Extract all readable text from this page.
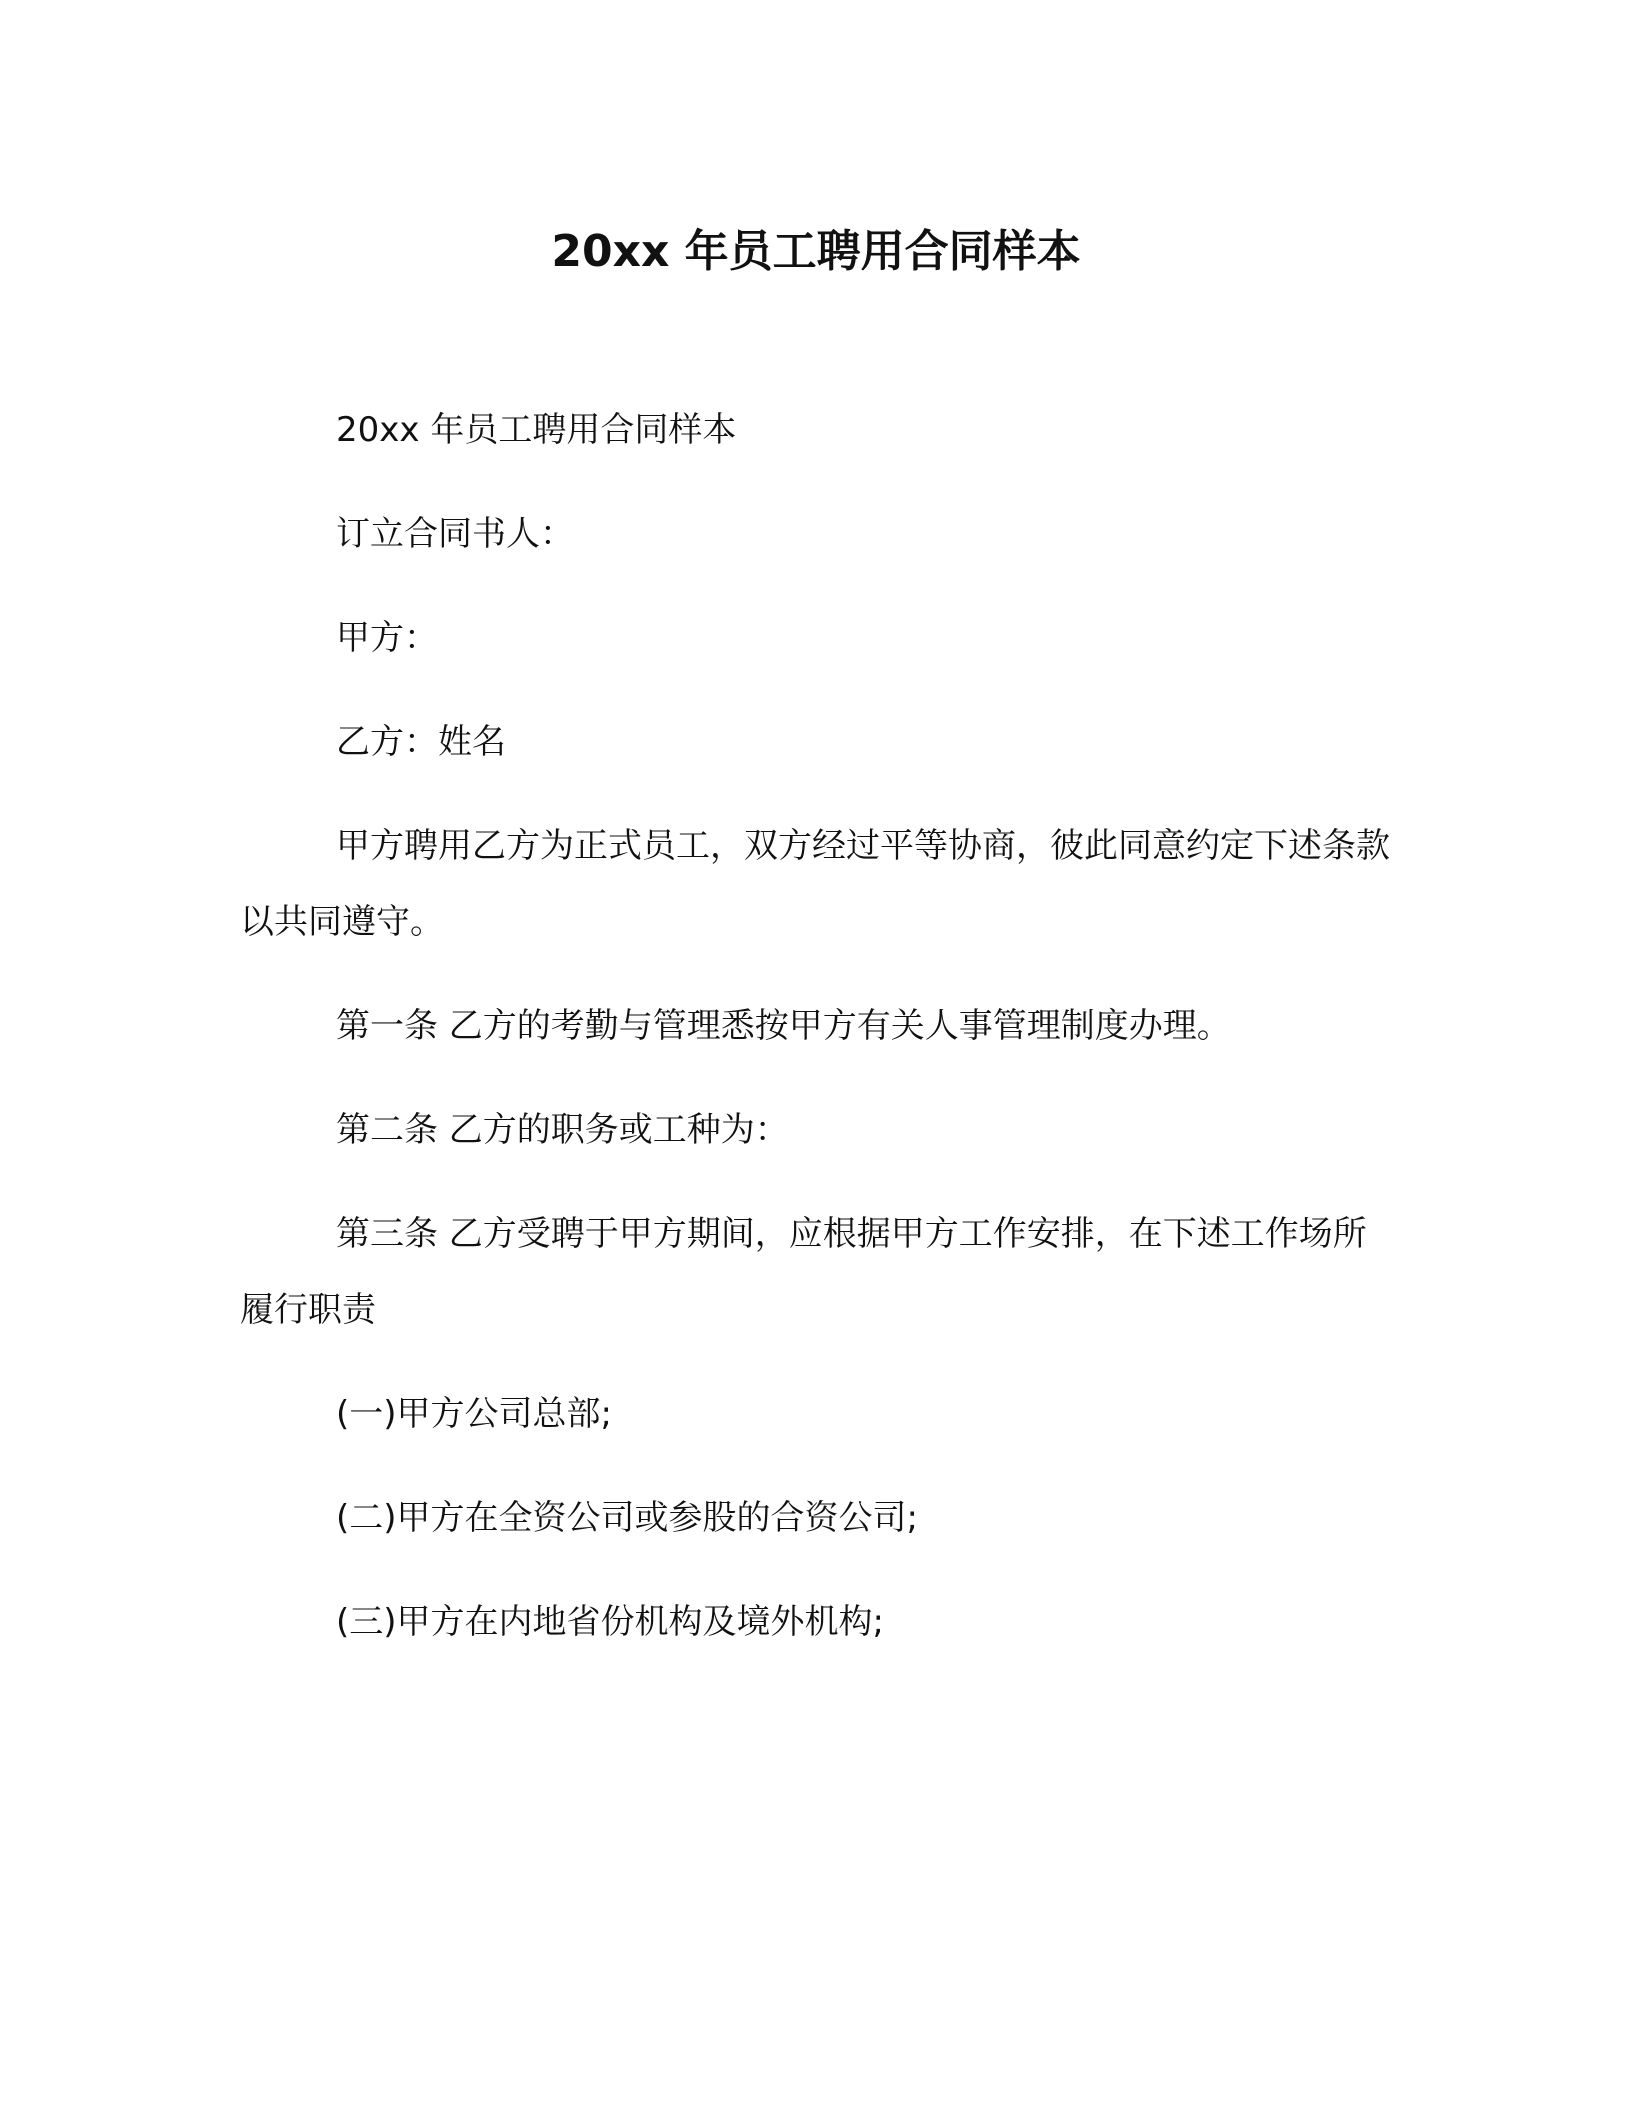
20xx 年员工聘用合同样本

20xx 年员工聘用合同样本

订立合同书人：

甲方：

乙方：姓名

甲方聘用乙方为正式员工，双方经过平等协商，彼此同意约定下述条款以共同遵守。

第一条 乙方的考勤与管理悉按甲方有关人事管理制度办理。

第二条 乙方的职务或工种为：

第三条 乙方受聘于甲方期间，应根据甲方工作安排，在下述工作场所履行职责

(一)甲方公司总部;

(二)甲方在全资公司或参股的合资公司;

(三)甲方在内地省份机构及境外机构;
